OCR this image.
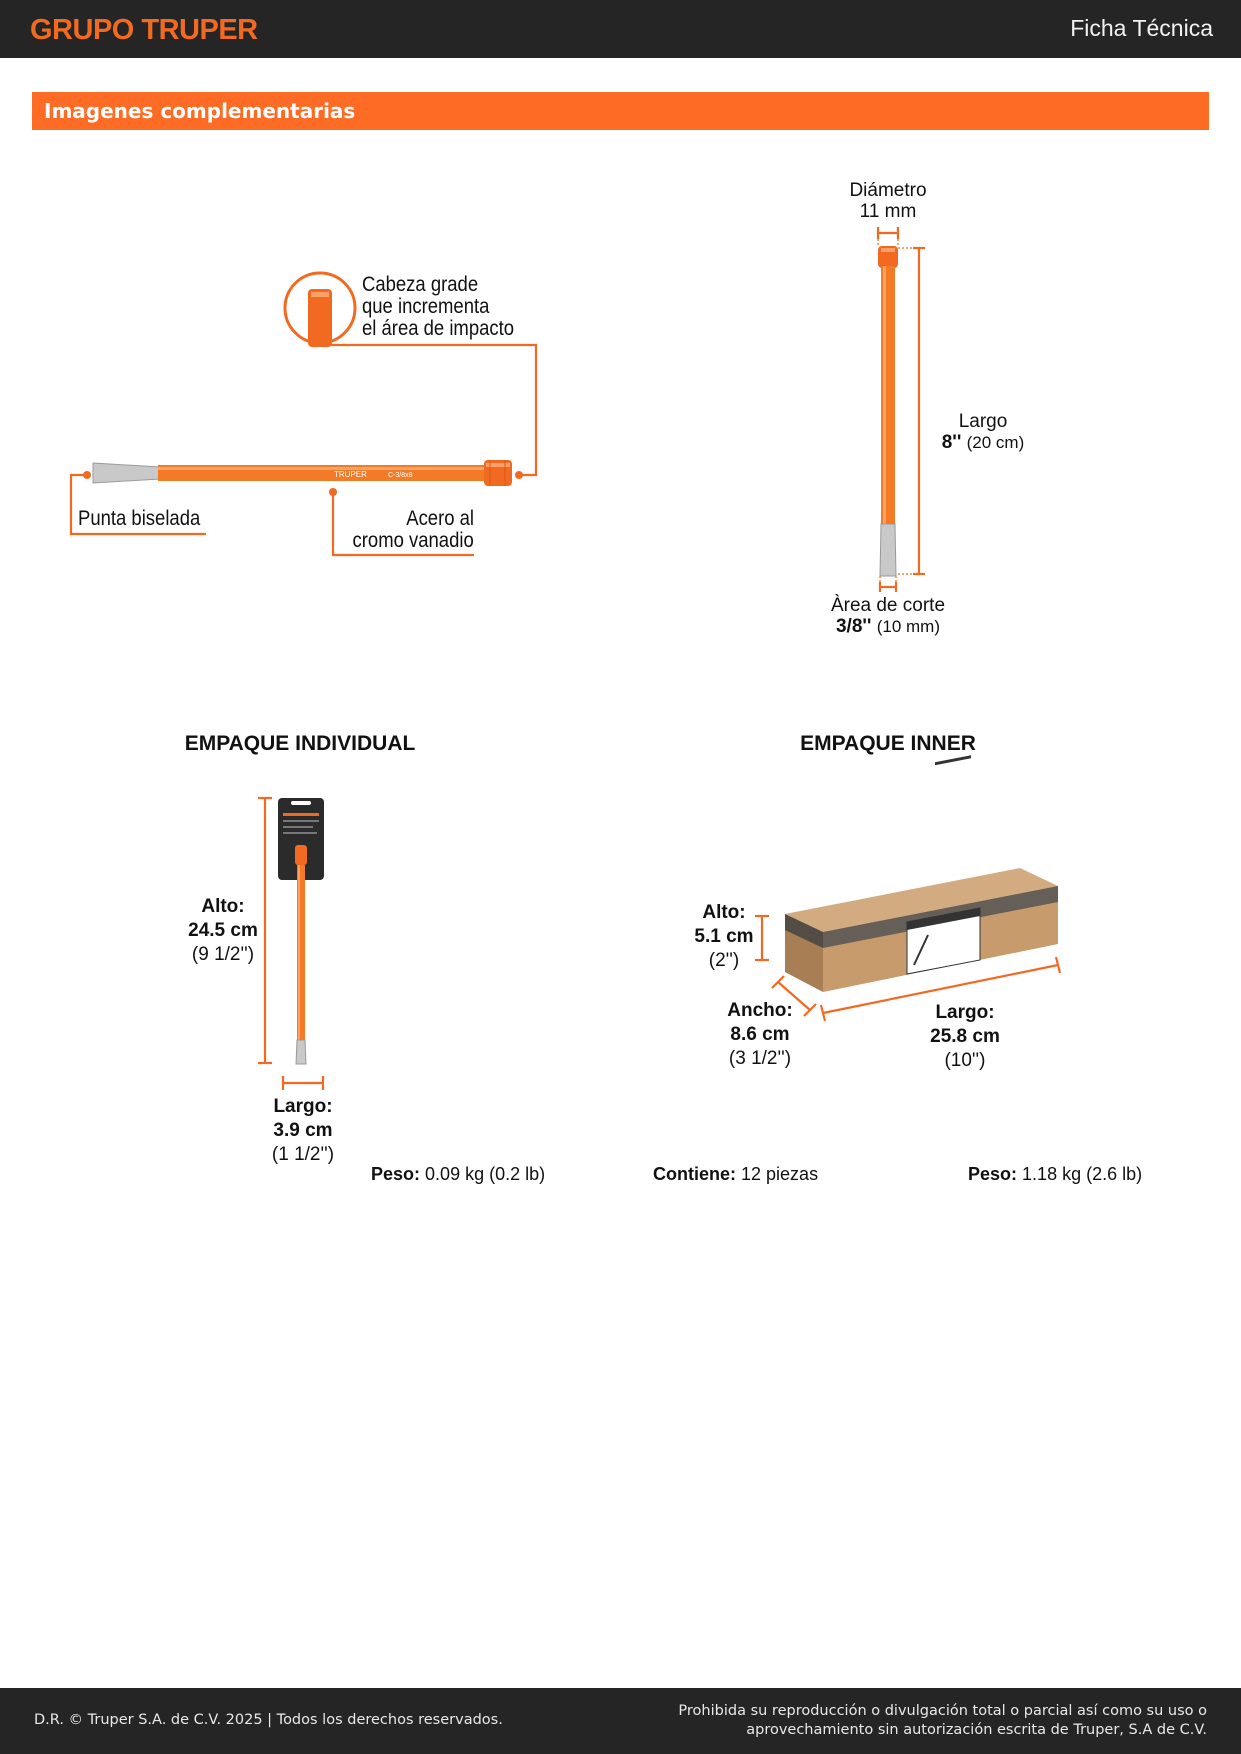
GRUPO TRUPER	Ficha Técnica
Imagenes complementarias
TRUPER	C-3/8x8
Cabeza grade
que incrementa
el área de impacto
Punta biselada	Acero al
cromo vanadio
Diámetro
11 mm
Largo
8'' (20 cm)
Àrea de corte
3/8'' (10 mm)
EMPAQUE INDIVIDUAL	EMPAQUE INNER
Alto:
24.5 cm
(9 1/2'')
Largo:
3.9 cm
(1 1/2'')
Peso: 0.09 kg (0.2 lb)
Alto:
5.1 cm
(2'')
Ancho:
8.6 cm
(3 1/2'')
Largo:
25.8 cm
(10'')
Contiene: 12 piezas	Peso: 1.18 kg (2.6 lb)
D.R. © Truper S.A. de C.V. 2025 | Todos los derechos reservados.
Prohibida su reproducción o divulgación total o parcial así como su uso o
aprovechamiento sin autorización escrita de Truper, S.A de C.V.
